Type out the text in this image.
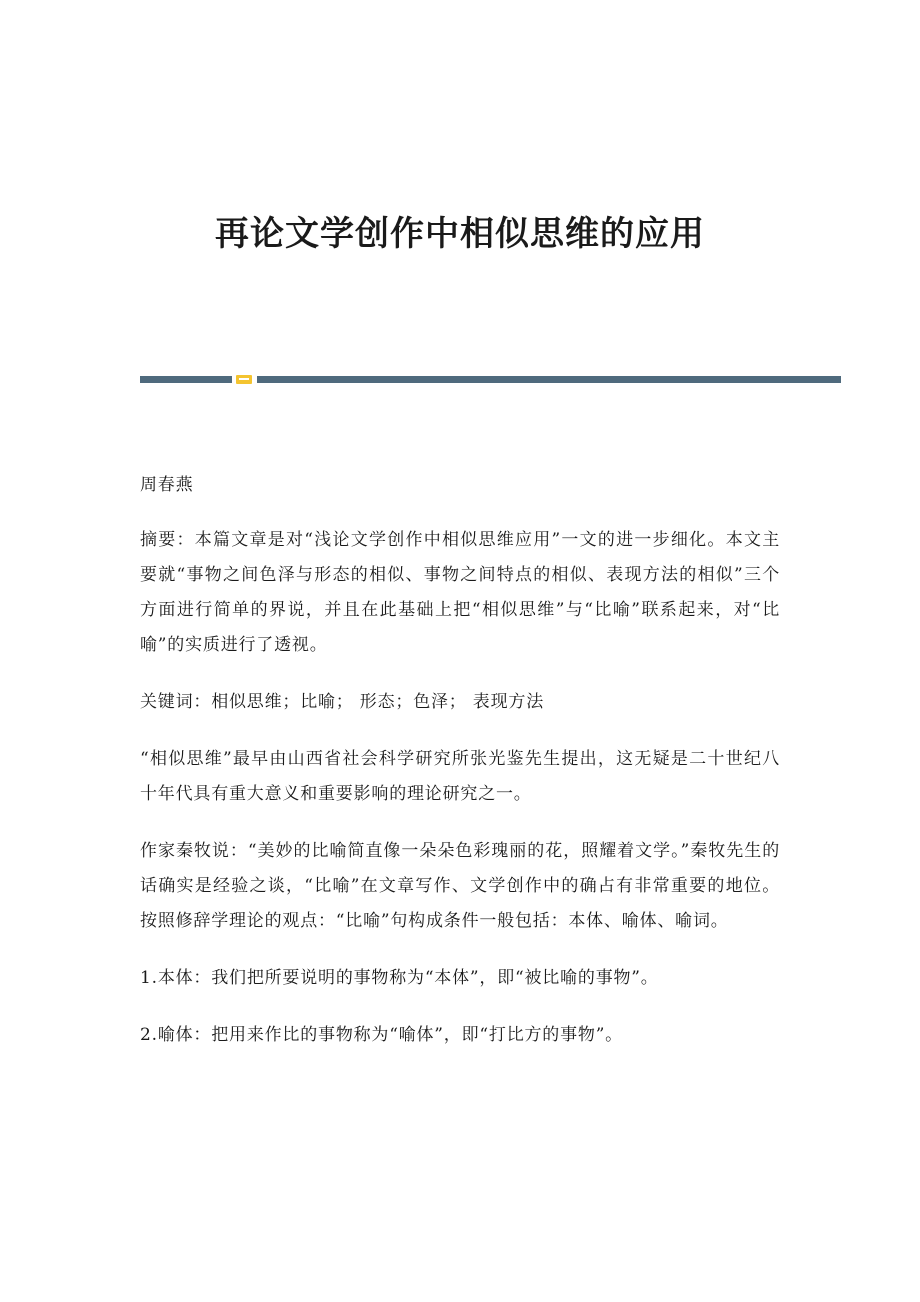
再论文学创作中相似思维的应用

周春燕

摘要：本篇文章是对“浅论文学创作中相似思维应用”一文的进一步细化。本文主要就“事物之间色泽与形态的相似、事物之间特点的相似、表现方法的相似”三个方面进行简单的界说，并且在此基础上把“相似思维”与“比喻”联系起来，对“比喻”的实质进行了透视。

关键词：相似思维；比喻； 形态；色泽； 表现方法

“相似思维”最早由山西省社会科学研究所张光鉴先生提出，这无疑是二十世纪八十年代具有重大意义和重要影响的理论研究之一。

作家秦牧说：“美妙的比喻简直像一朵朵色彩瑰丽的花，照耀着文学。”秦牧先生的话确实是经验之谈，“比喻”在文章写作、文学创作中的确占有非常重要的地位。按照修辞学理论的观点：“比喻”句构成条件一般包括：本体、喻体、喻词。

1.本体：我们把所要说明的事物称为“本体”，即“被比喻的事物”。

2.喻体：把用来作比的事物称为“喻体”，即“打比方的事物”。
